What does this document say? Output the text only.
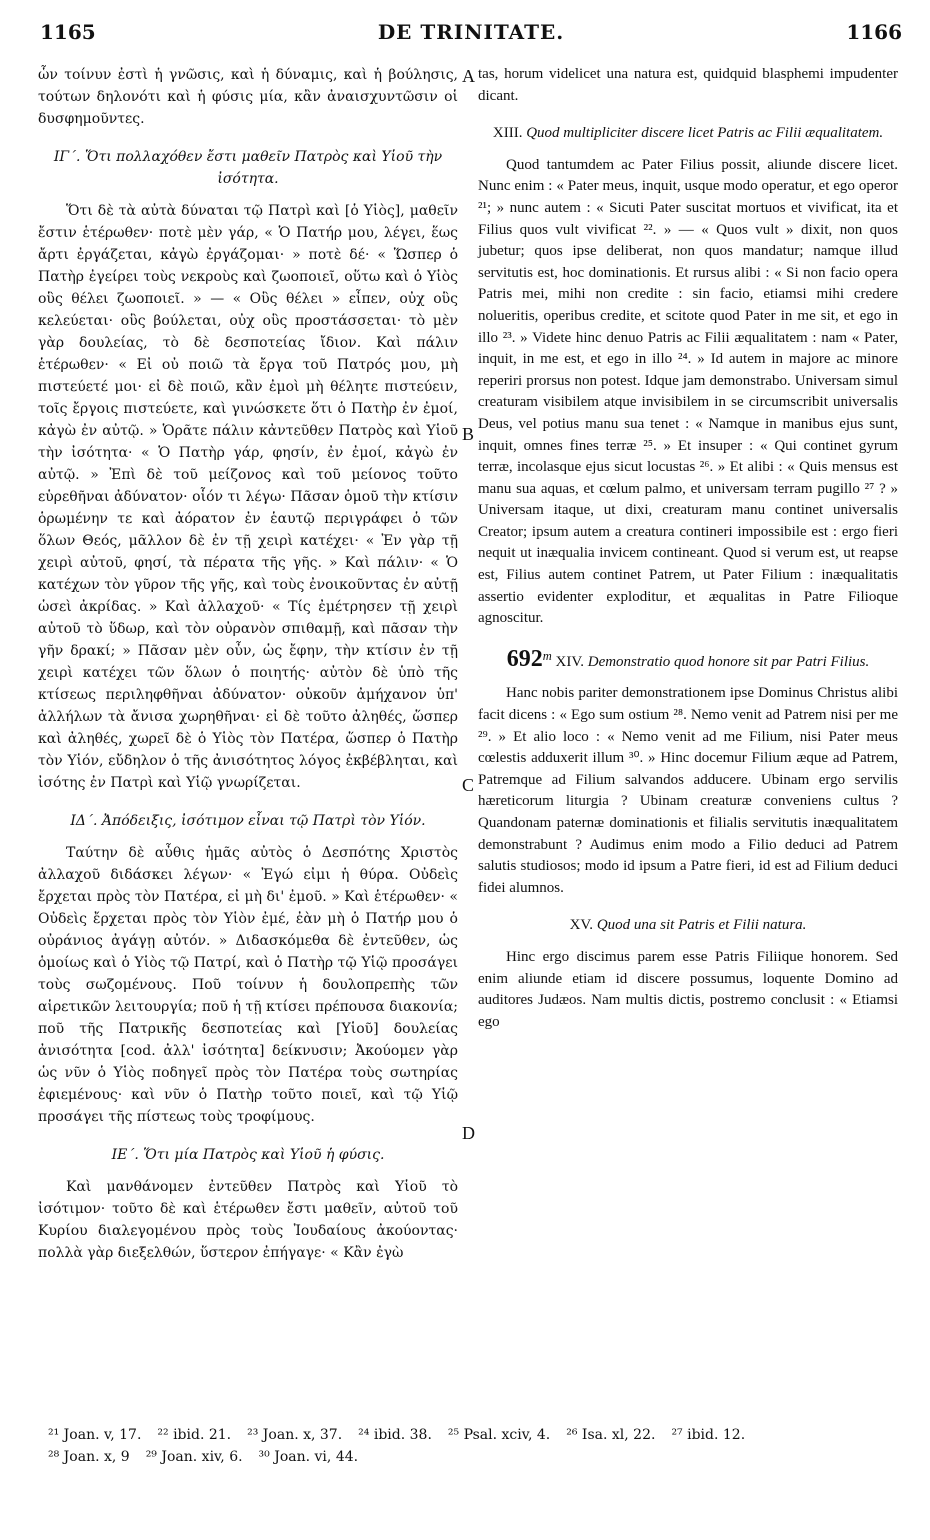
1165	DE TRINITATE.	1166

ὧν τοίνυν ἐστὶ ἡ γνῶσις, καὶ ἡ δύναμις, καὶ ἡ βούλησις, τούτων δηλονότι καὶ ἡ φύσις μία, κἂν ἀναισχυντῶσιν οἱ δυσφημοῦντες.

ΙΓ΄. Ὅτι πολλαχόθεν ἔστι μαθεῖν Πατρὸς καὶ Υἱοῦ τὴν ἰσότητα.

Ὅτι δὲ τὰ αὐτὰ δύναται τῷ Πατρὶ καὶ [ὁ Υἱὸς], μαθεῖν ἔστιν ἑτέρωθεν· ποτὲ μὲν γάρ, « Ὁ Πατήρ μου, λέγει, ἕως ἄρτι ἐργάζεται, κἀγὼ ἐργάζομαι· » ποτὲ δέ· « Ὥσπερ ὁ Πατὴρ ἐγείρει τοὺς νεκροὺς καὶ ζωοποιεῖ, οὕτω καὶ ὁ Υἱὸς οὓς θέλει ζωοποιεῖ. » — « Οὓς θέλει » εἶπεν, οὐχ οὓς κελεύεται· οὓς βούλεται, οὐχ οὓς προστάσσεται· τὸ μὲν γὰρ δουλείας, τὸ δὲ δεσποτείας ἴδιον. Καὶ πάλιν ἑτέρωθεν· « Εἰ οὐ ποιῶ τὰ ἔργα τοῦ Πατρός μου, μὴ πιστεύετέ μοι· εἰ δὲ ποιῶ, κἂν ἐμοὶ μὴ θέλητε πιστεύειν, τοῖς ἔργοις πιστεύετε, καὶ γινώσκετε ὅτι ὁ Πατὴρ ἐν ἐμοί, κἀγὼ ἐν αὐτῷ. » Ὁρᾶτε πάλιν κἀντεῦθεν Πατρὸς καὶ Υἱοῦ τὴν ἰσότητα· « Ὁ Πατὴρ γάρ, φησίν, ἐν ἐμοί, κἀγὼ ἐν αὐτῷ. » Ἐπὶ δὲ τοῦ μείζονος καὶ τοῦ μείονος τοῦτο εὑρεθῆναι ἀδύνατον· οἷόν τι λέγω· Πᾶσαν ὁμοῦ τὴν κτίσιν ὁρωμένην τε καὶ ἀόρατον ἐν ἑαυτῷ περιγράφει ὁ τῶν ὅλων Θεός, μᾶλλον δὲ ἐν τῇ χειρὶ κατέχει· « Ἐν γὰρ τῇ χειρὶ αὐτοῦ, φησί, τὰ πέρατα τῆς γῆς. » Καὶ πάλιν· « Ὁ κατέχων τὸν γῦρον τῆς γῆς, καὶ τοὺς ἐνοικοῦντας ἐν αὐτῇ ὡσεὶ ἀκρίδας. » Καὶ ἀλλαχοῦ· « Τίς ἐμέτρησεν τῇ χειρὶ αὐτοῦ τὸ ὕδωρ, καὶ τὸν οὐρανὸν σπιθαμῇ, καὶ πᾶσαν τὴν γῆν δρακί; » Πᾶσαν μὲν οὖν, ὡς ἔφην, τὴν κτίσιν ἐν τῇ χειρὶ κατέχει τῶν ὅλων ὁ ποιητής· αὐτὸν δὲ ὑπὸ τῆς κτίσεως περιληφθῆναι ἀδύνατον· οὐκοῦν ἀμήχανον ὑπ' ἀλλήλων τὰ ἄνισα χωρηθῆναι· εἰ δὲ τοῦτο ἀληθές, ὥσπερ καὶ ἀληθές, χωρεῖ δὲ ὁ Υἱὸς τὸν Πατέρα, ὥσπερ ὁ Πατὴρ τὸν Υἱόν, εὔδηλον ὁ τῆς ἀνισότητος λόγος ἐκβέβληται, καὶ ἰσότης ἐν Πατρὶ καὶ Υἱῷ γνωρίζεται.

ΙΔ΄. Ἀπόδειξις, ἰσότιμον εἶναι τῷ Πατρὶ τὸν Υἱόν.

Ταύτην δὲ αὖθις ἡμᾶς αὐτὸς ὁ Δεσπότης Χριστὸς ἀλλαχοῦ διδάσκει λέγων· « Ἐγώ εἰμι ἡ θύρα. Οὐδεὶς ἔρχεται πρὸς τὸν Πατέρα, εἰ μὴ δι' ἐμοῦ. » Καὶ ἑτέρωθεν· « Οὐδεὶς ἔρχεται πρὸς τὸν Υἱὸν ἐμέ, ἐὰν μὴ ὁ Πατήρ μου ὁ οὐράνιος ἀγάγῃ αὐτόν. » Διδασκόμεθα δὲ ἐντεῦθεν, ὡς ὁμοίως καὶ ὁ Υἱὸς τῷ Πατρί, καὶ ὁ Πατὴρ τῷ Υἱῷ προσάγει τοὺς σωζομένους. Ποῦ τοίνυν ἡ δουλοπρεπὴς τῶν αἱρετικῶν λειτουργία; ποῦ ἡ τῇ κτίσει πρέπουσα διακονία; ποῦ τῆς Πατρικῆς δεσποτείας καὶ [Υἱοῦ] δουλείας ἀνισότητα [cod. ἀλλ' ἰσότητα] δείκνυσιν; Ἀκούομεν γὰρ ὡς νῦν ὁ Υἱὸς ποδηγεῖ πρὸς τὸν Πατέρα τοὺς σωτηρίας ἐφιεμένους· καὶ νῦν ὁ Πατὴρ τοῦτο ποιεῖ, καὶ τῷ Υἱῷ προσάγει τῆς πίστεως τοὺς τροφίμους.

ΙΕ΄. Ὅτι μία Πατρὸς καὶ Υἱοῦ ἡ φύσις.

Καὶ μανθάνομεν ἐντεῦθεν Πατρὸς καὶ Υἱοῦ τὸ ἰσότιμον· τοῦτο δὲ καὶ ἑτέρωθεν ἔστι μαθεῖν, αὐτοῦ τοῦ Κυρίου διαλεγομένου πρὸς τοὺς Ἰουδαίους ἀκούοντας· πολλὰ γὰρ διεξελθών, ὕστερον ἐπήγαγε· « Κἂν ἐγὼ

tas, horum videlicet una natura est, quidquid blasphemi impudenter dicant.

XIII. Quod multipliciter discere licet Patris ac Filii æqualitatem.

Quod tantumdem ac Pater Filius possit, aliunde discere licet. Nunc enim : « Pater meus, inquit, usque modo operatur, et ego operor ²¹; » nunc autem : « Sicuti Pater suscitat mortuos et vivificat, ita et Filius quos vult vivificat ²². » — « Quos vult » dixit, non quos jubetur; quos ipse deliberat, non quos mandatur; namque illud servitutis est, hoc dominationis. Et rursus alibi : « Si non facio opera Patris mei, mihi non credite : sin facio, etiamsi mihi credere nolueritis, operibus credite, et scitote quod Pater in me sit, et ego in illo ²³. » Videte hinc denuo Patris ac Filii æqualitatem : nam « Pater, inquit, in me est, et ego in illo ²⁴. » Id autem in majore ac minore reperiri prorsus non potest. Idque jam demonstrabo. Universam simul creaturam visibilem atque invisibilem in se circumscribit universalis Deus, vel potius manu sua tenet : « Namque in manibus ejus sunt, inquit, omnes fines terræ ²⁵. » Et insuper : « Qui continet gyrum terræ, incolasque ejus sicut locustas ²⁶. » Et alibi : « Quis mensus est manu sua aquas, et cœlum palmo, et universam terram pugillo ²⁷ ? » Universam itaque, ut dixi, creaturam manu continet universalis Creator; ipsum autem a creatura contineri impossibile est : ergo fieri nequit ut inæqualia invicem contineant. Quod si verum est, ut reapse est, Filius autem continet Patrem, ut Pater Filium : inæqualitatis assertio evidenter exploditur, et æqualitas in Patre Filioque agnoscitur.

692$^m$ XIV. Demonstratio quod honore sit par Patri Filius.

Hanc nobis pariter demonstrationem ipse Dominus Christus alibi facit dicens : « Ego sum ostium ²⁸. Nemo venit ad Patrem nisi per me ²⁹. » Et alio loco : « Nemo venit ad me Filium, nisi Pater meus cœlestis adduxerit illum ³⁰. » Hinc docemur Filium æque ad Patrem, Patremque ad Filium salvandos adducere. Ubinam ergo servilis hæreticorum liturgia ? Ubinam creaturæ conveniens cultus ? Quandonam paternæ dominationis et filialis servitutis inæqualitatem demonstrabunt ? Audimus enim modo a Filio deduci ad Patrem salutis studiosos; modo id ipsum a Patre fieri, id est ad Filium deduci fidei alumnos.

XV. Quod una sit Patris et Filii natura.

Hinc ergo discimus parem esse Patris Filiique honorem. Sed enim aliunde etiam id discere possumus, loquente Domino ad auditores Judæos. Nam multis dictis, postremo conclusit : « Etiamsi ego

A
B
C
D
²¹ Joan. v, 17. ²² ibid. 21. ²³ Joan. x, 37. ²⁴ ibid. 38. ²⁵ Psal. xciv, 4. ²⁶ Isa. xl, 22. ²⁷ ibid. 12.
²⁸ Joan. x, 9 ²⁹ Joan. xiv, 6. ³⁰ Joan. vi, 44.
